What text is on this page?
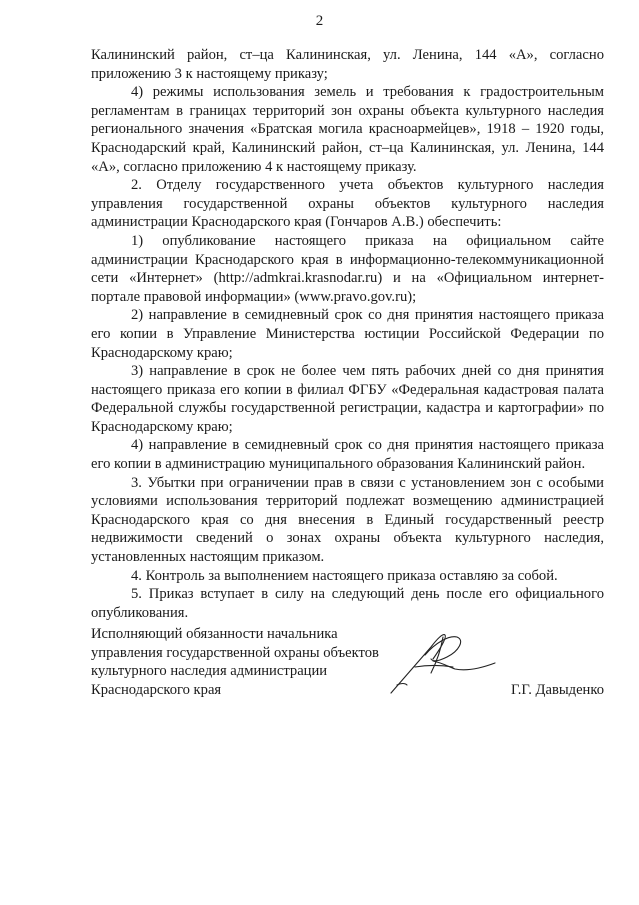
2

Калининский район, ст–ца Калининская, ул. Ленина, 144 «А», согласно приложению 3 к настоящему приказу;

4) режимы использования земель и требования к градостроительным регламентам в границах территорий зон охраны объекта культурного наследия регионального значения «Братская могила красноармейцев», 1918 – 1920 годы, Краснодарский край, Калининский район, ст–ца Калининская, ул. Ленина, 144 «А», согласно приложению 4 к настоящему приказу.

2. Отделу государственного учета объектов культурного наследия управления государственной охраны объектов культурного наследия администрации Краснодарского края (Гончаров А.В.) обеспечить:

1) опубликование настоящего приказа на официальном сайте администрации Краснодарского края в информационно-телекоммуникационной сети «Интернет» (http://admkrai.krasnodar.ru) и на «Официальном интернет-портале правовой информации» (www.pravo.gov.ru);

2) направление в семидневный срок со дня принятия настоящего приказа его копии в Управление Министерства юстиции Российской Федерации по Краснодарскому краю;

3) направление в срок не более чем пять рабочих дней со дня принятия настоящего приказа его копии в филиал ФГБУ «Федеральная кадастровая палата Федеральной службы государственной регистрации, кадастра и картографии» по Краснодарскому краю;

4) направление в семидневный срок со дня принятия настоящего приказа его копии в администрацию муниципального образования Калининский район.

3. Убытки при ограничении прав в связи с установлением зон с особыми условиями использования территорий подлежат возмещению администрацией Краснодарского края со дня внесения в Единый государственный реестр недвижимости сведений о зонах охраны объекта культурного наследия, установленных настоящим приказом.

4. Контроль за выполнением настоящего приказа оставляю за собой.

5. Приказ вступает в силу на следующий день после его официального опубликования.

Исполняющий обязанности начальника
управления государственной охраны объектов
культурного наследия администрации
Краснодарского края	Г.Г. Давыденко
